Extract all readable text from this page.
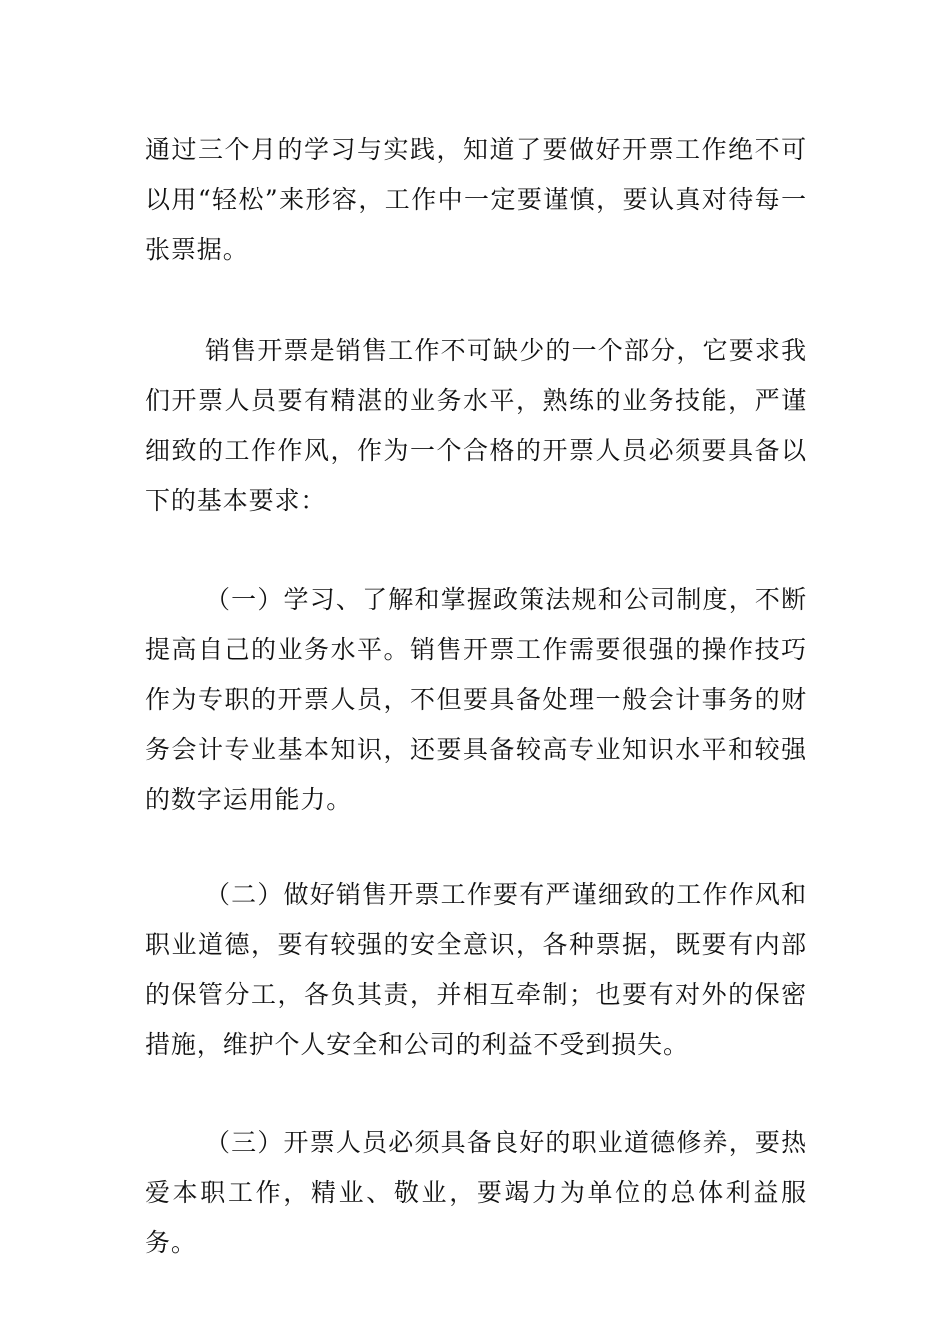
通过三个月的学习与实践，知道了要做好开票工作绝不可以用“轻松”来形容，工作中一定要谨慎，要认真对待每一张票据。

销售开票是销售工作不可缺少的一个部分，它要求我们开票人员要有精湛的业务水平，熟练的业务技能，严谨细致的工作作风，作为一个合格的开票人员必须要具备以下的基本要求：

（一）学习、了解和掌握政策法规和公司制度，不断提高自己的业务水平。销售开票工作需要很强的操作技巧作为专职的开票人员，不但要具备处理一般会计事务的财务会计专业基本知识，还要具备较高专业知识水平和较强的数字运用能力。

（二）做好销售开票工作要有严谨细致的工作作风和职业道德，要有较强的安全意识，各种票据，既要有内部的保管分工，各负其责，并相互牵制；也要有对外的保密措施，维护个人安全和公司的利益不受到损失。

（三）开票人员必须具备良好的职业道德修养，要热爱本职工作，精业、敬业，要竭力为单位的总体利益服务。
